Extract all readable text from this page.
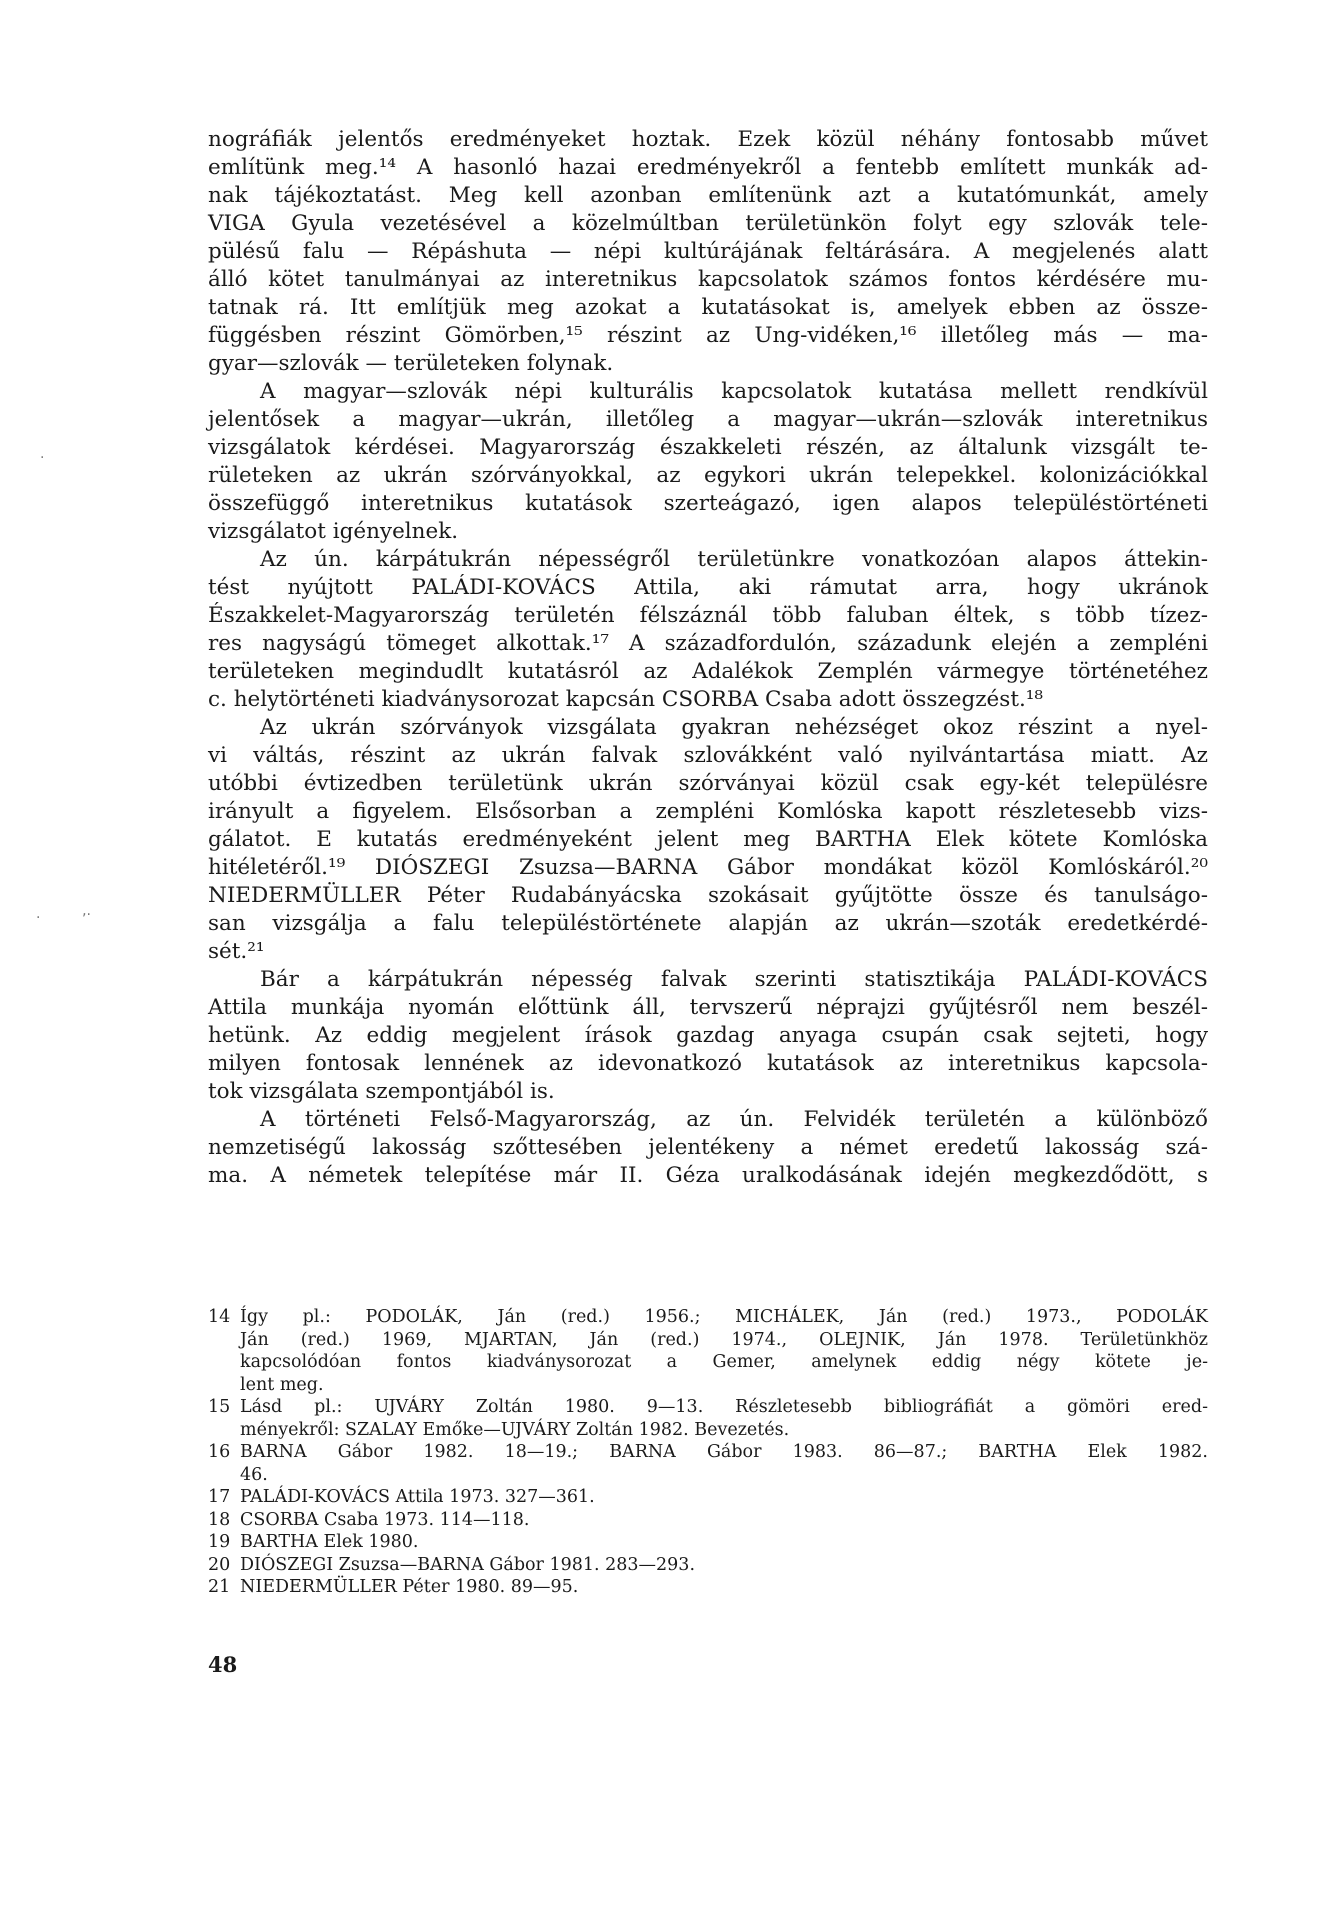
nográfiák jelentős eredményeket hoztak. Ezek közül néhány fontosabb művet
említünk meg.¹⁴ A hasonló hazai eredményekről a fentebb említett munkák ad-
nak tájékoztatást. Meg kell azonban említenünk azt a kutatómunkát, amely
VIGA Gyula vezetésével a közelmúltban területünkön folyt egy szlovák tele-
pülésű falu — Répáshuta — népi kultúrájának feltárására. A megjelenés alatt
álló kötet tanulmányai az interetnikus kapcsolatok számos fontos kérdésére mu-
tatnak rá. Itt említjük meg azokat a kutatásokat is, amelyek ebben az össze-
függésben részint Gömörben,¹⁵ részint az Ung-vidéken,¹⁶ illetőleg más — ma-
gyar—szlovák — területeken folynak.
A magyar—szlovák népi kulturális kapcsolatok kutatása mellett rendkívül
jelentősek a magyar—ukrán, illetőleg a magyar—ukrán—szlovák interetnikus
vizsgálatok kérdései. Magyarország északkeleti részén, az általunk vizsgált te-
rületeken az ukrán szórványokkal, az egykori ukrán telepekkel. kolonizációkkal
összefüggő interetnikus kutatások szerteágazó, igen alapos településtörténeti
vizsgálatot igényelnek.
Az ún. kárpátukrán népességről területünkre vonatkozóan alapos áttekin-
tést nyújtott PALÁDI-KOVÁCS Attila, aki rámutat arra, hogy ukránok
Északkelet-Magyarország területén félszáznál több faluban éltek, s több tízez-
res nagyságú tömeget alkottak.¹⁷ A századfordulón, századunk elején a zempléni
területeken megindudlt kutatásról az Adalékok Zemplén vármegye történetéhez
c. helytörténeti kiadványsorozat kapcsán CSORBA Csaba adott összegzést.¹⁸
Az ukrán szórványok vizsgálata gyakran nehézséget okoz részint a nyel-
vi váltás, részint az ukrán falvak szlovákként való nyilvántartása miatt. Az
utóbbi évtizedben területünk ukrán szórványai közül csak egy-két településre
irányult a figyelem. Elsősorban a zempléni Komlóska kapott részletesebb vizs-
gálatot. E kutatás eredményeként jelent meg BARTHA Elek kötete Komlóska
hitéletéről.¹⁹ DIÓSZEGI Zsuzsa—BARNA Gábor mondákat közöl Komlóskáról.²⁰
NIEDERMÜLLER Péter Rudabányácska szokásait gyűjtötte össze és tanulságo-
san vizsgálja a falu településtörténete alapján az ukrán—szoták eredetkérdé-
sét.²¹
Bár a kárpátukrán népesség falvak szerinti statisztikája PALÁDI-KOVÁCS
Attila munkája nyomán előttünk áll, tervszerű néprajzi gyűjtésről nem beszél-
hetünk. Az eddig megjelent írások gazdag anyaga csupán csak sejteti, hogy
milyen fontosak lennének az idevonatkozó kutatások az interetnikus kapcsola-
tok vizsgálata szempontjából is.
A történeti Felső-Magyarország, az ún. Felvidék területén a különböző
nemzetiségű lakosság szőttesében jelentékeny a német eredetű lakosság szá-
ma. A németek telepítése már II. Géza uralkodásának idején megkezdődött, s
14 Így pl.: PODOLÁK, Ján (red.) 1956.; MICHÁLEK, Ján (red.) 1973., PODOLÁK
Ján (red.) 1969, MJARTAN, Ján (red.) 1974., OLEJNIK, Ján 1978. Területünkhöz
kapcsolódóan fontos kiadványsorozat a Gemer, amelynek eddig négy kötete je-
lent meg.
15 Lásd pl.: UJVÁRY Zoltán 1980. 9—13. Részletesebb bibliográfiát a gömöri ered-
ményekről: SZALAY Emőke—UJVÁRY Zoltán 1982. Bevezetés.
16 BARNA Gábor 1982. 18—19.; BARNA Gábor 1983. 86—87.; BARTHA Elek 1982.
46.
17 PALÁDI-KOVÁCS Attila 1973. 327—361.
18 CSORBA Csaba 1973. 114—118.
19 BARTHA Elek 1980.
20 DIÓSZEGI Zsuzsa—BARNA Gábor 1981. 283—293.
21 NIEDERMÜLLER Péter 1980. 89—95.
48
.
.	‚.
